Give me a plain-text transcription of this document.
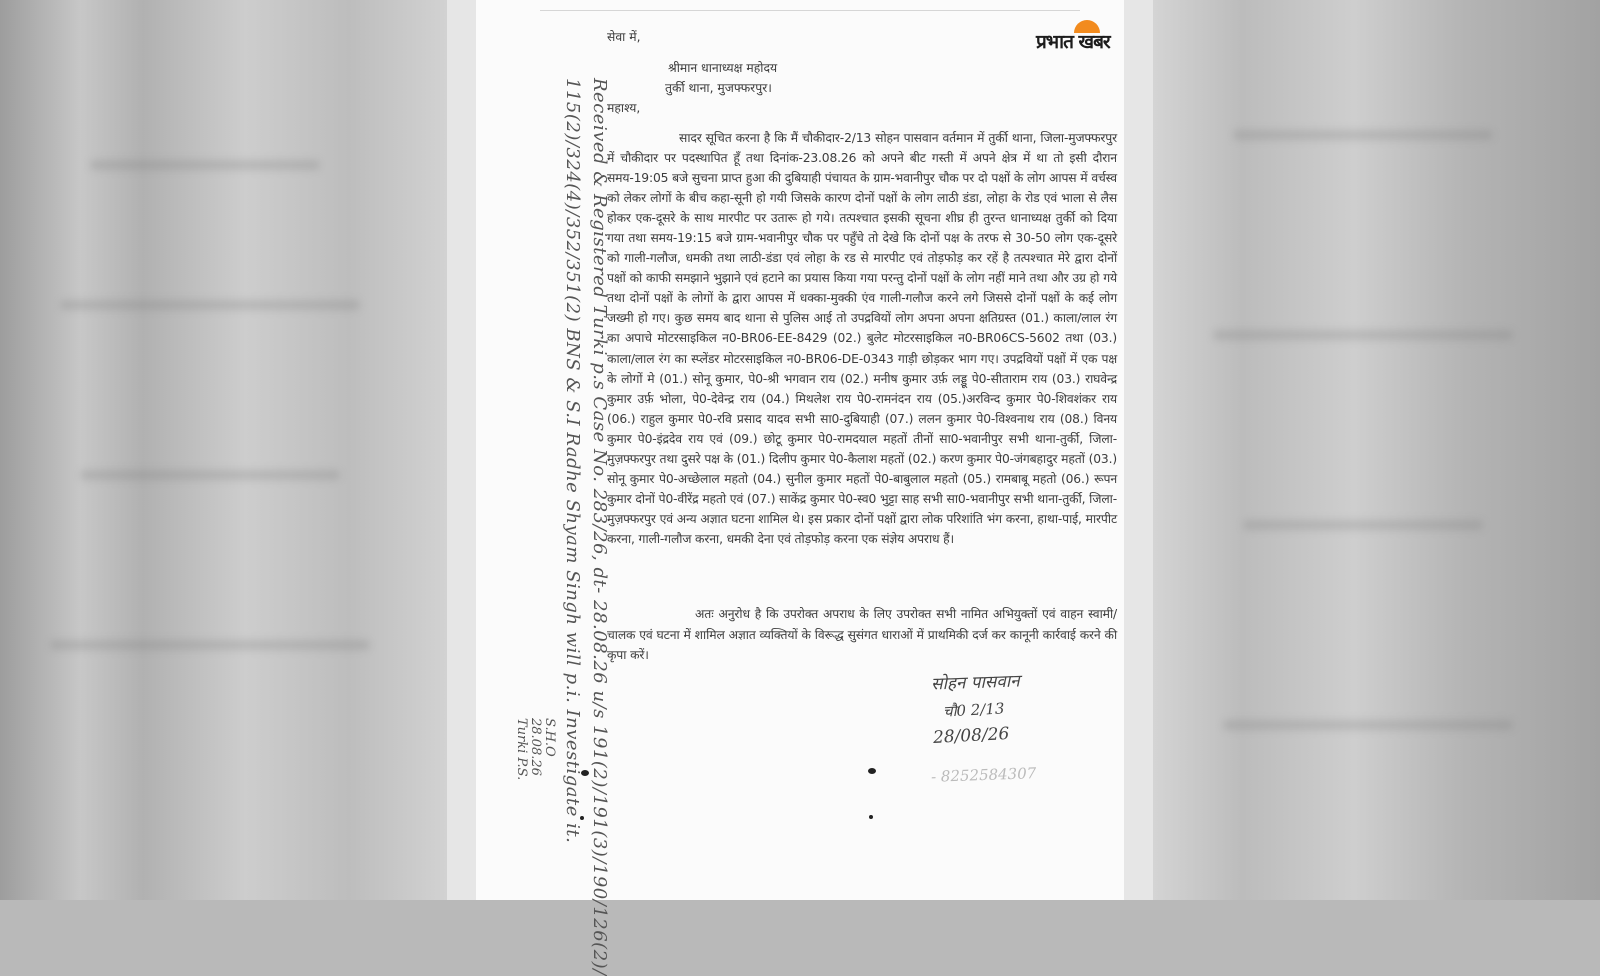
प्रभात खबर
सेवा में,
श्रीमान धानाध्यक्ष महोदय
तुर्की थाना, मुजफ्फरपुर।
महाश्य,
सादर सूचित करना है कि मैं चौकीदार-2/13 सोहन पासवान वर्तमान में तुर्की थाना, जिला-मुजफ्फरपुर में चौकीदार पर पदस्थापित हूँ तथा दिनांक-23.08.26 को अपने बीट गस्ती में अपने क्षेत्र में था तो इसी दौरान समय-19:05 बजे सुचना प्राप्त हुआ की दुबियाही पंचायत के ग्राम-भवानीपुर चौक पर दो पक्षों के लोग आपस में वर्चस्व को लेकर लोगों के बीच कहा-सूनी हो गयी जिसके कारण दोनों पक्षों के लोग लाठी डंडा, लोहा के रोड एवं भाला से लैस होकर एक-दूसरे के साथ मारपीट पर उतारू हो गये। तत्पश्चात इसकी सूचना शीघ्र ही तुरन्त धानाध्यक्ष तुर्की को दिया गया तथा समय-19:15 बजे ग्राम-भवानीपुर चौक पर पहुँचे तो देखे कि दोनों पक्ष के तरफ से 30-50 लोग एक-दूसरे को गाली-गलौज, धमकी तथा लाठी-डंडा एवं लोहा के रड से मारपीट एवं तोड़फोड़ कर रहें है तत्पश्चात मेरे द्वारा दोनों पक्षों को काफी समझाने भुझाने एवं हटाने का प्रयास किया गया परन्तु दोनों पक्षों के लोग नहीं माने तथा और उग्र हो गये तथा दोनों पक्षों के लोगों के द्वारा आपस में धक्का-मुक्की एंव गाली-गलौज करने लगे जिससे दोनों पक्षों के कई लोग जख्मी हो गए। कुछ समय बाद थाना से पुलिस आई तो उपद्रवियों लोग अपना अपना क्षतिग्रस्त (01.) काला/लाल रंग का अपाचे मोटरसाइकिल न0-BR06-EE-8429 (02.) बुलेट मोटरसाइकिल न0-BR06CS-5602 तथा (03.) काला/लाल रंग का स्प्लेंडर मोटरसाइकिल न0-BR06-DE-0343 गाड़ी छोड़कर भाग गए। उपद्रवियों पक्षों में एक पक्ष के लोगों मे (01.) सोनू कुमार, पे0-श्री भगवान राय (02.) मनीष कुमार उर्फ़ लड्डू पे0-सीताराम राय (03.) राघवेन्द्र कुमार उर्फ़ भोला, पे0-देवेन्द्र राय (04.) मिथलेश राय पे0-रामनंदन राय (05.)अरविन्द कुमार पे0-शिवशंकर राय (06.) राहुल कुमार पे0-रवि प्रसाद यादव सभी सा0-दुबियाही (07.) ललन कुमार पे0-विश्वनाथ राय (08.) विनय कुमार पे0-इंद्रदेव राय एवं (09.) छोटू कुमार पे0-रामदयाल महतों तीनों सा0-भवानीपुर सभी थाना-तुर्की, जिला-मुज़फ्फरपुर तथा दुसरे पक्ष के (01.) दिलीप कुमार पे0-कैलाश महतों (02.) करण कुमार पे0-जंगबहादुर महतों (03.) सोनू कुमार पे0-अच्छेलाल महतो (04.) सुनील कुमार महतों पे0-बाबुलाल महतो (05.) रामबाबू महतो (06.) रूपन कुमार दोनों पे0-वीरेंद्र महतो एवं (07.) साकेंद्र कुमार पे0-स्व0 भुट्टा साह सभी सा0-भवानीपुर सभी थाना-तुर्की, जिला-मुज़फ्फरपुर एवं अन्य अज्ञात घटना शामिल थे। इस प्रकार दोनों पक्षों द्वारा लोक परिशांति भंग करना, हाथा-पाई, मारपीट करना, गाली-गलौज करना, धमकी देना एवं तोड़फोड़ करना एक संज्ञेय अपराध हैं।
अतः अनुरोध है कि उपरोक्त अपराध के लिए उपरोक्त सभी नामित अभियुक्तों एवं वाहन स्वामी/चालक एवं घटना में शामिल अज्ञात व्यक्तियों के विरूद्ध सुसंगत धाराओं में प्राथमिकी दर्ज कर कानूनी कार्रवाई करने की कृपा करें।
सोहन पासवान
चौ0 2/13
28/08/26
- 8252584307
Received & Registered Turki p.s Case No. 283/26, dt- 28.08.26 u/s 191(2)/191(3)/190/126(2)/
115(2)/324(4)/352/351(2) BNS & S.I Radhe Shyam Singh will p.i. Investigate it.
S.H.O
28.08.26
Turki P.S.
